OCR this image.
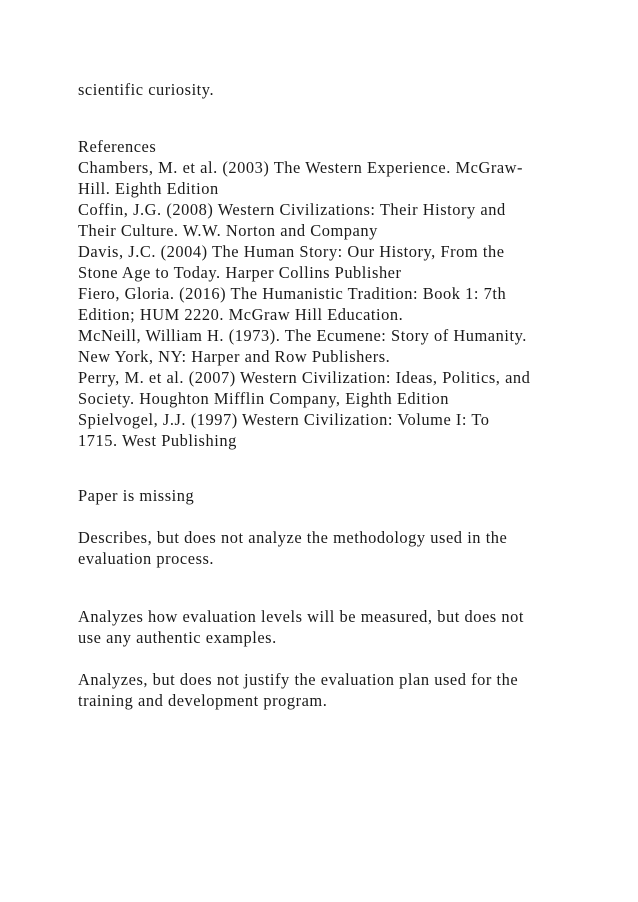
scientific curiosity.
References
Chambers, M. et al. (2003) The Western Experience. McGraw-
Hill. Eighth Edition
Coffin, J.G. (2008) Western Civilizations: Their History and
Their Culture. W.W. Norton and Company
Davis, J.C. (2004) The Human Story: Our History, From the
Stone Age to Today. Harper Collins Publisher
Fiero, Gloria. (2016) The Humanistic Tradition: Book 1: 7th
Edition; HUM 2220. McGraw Hill Education.
McNeill, William H. (1973). The Ecumene: Story of Humanity.
New York, NY: Harper and Row Publishers.
Perry, M. et al. (2007) Western Civilization: Ideas, Politics, and
Society. Houghton Mifflin Company, Eighth Edition
Spielvogel, J.J. (1997) Western Civilization: Volume I: To
1715. West Publishing
Paper is missing
Describes, but does not analyze the methodology used in the
evaluation process.
Analyzes how evaluation levels will be measured, but does not
use any authentic examples.
Analyzes, but does not justify the evaluation plan used for the
training and development program.
